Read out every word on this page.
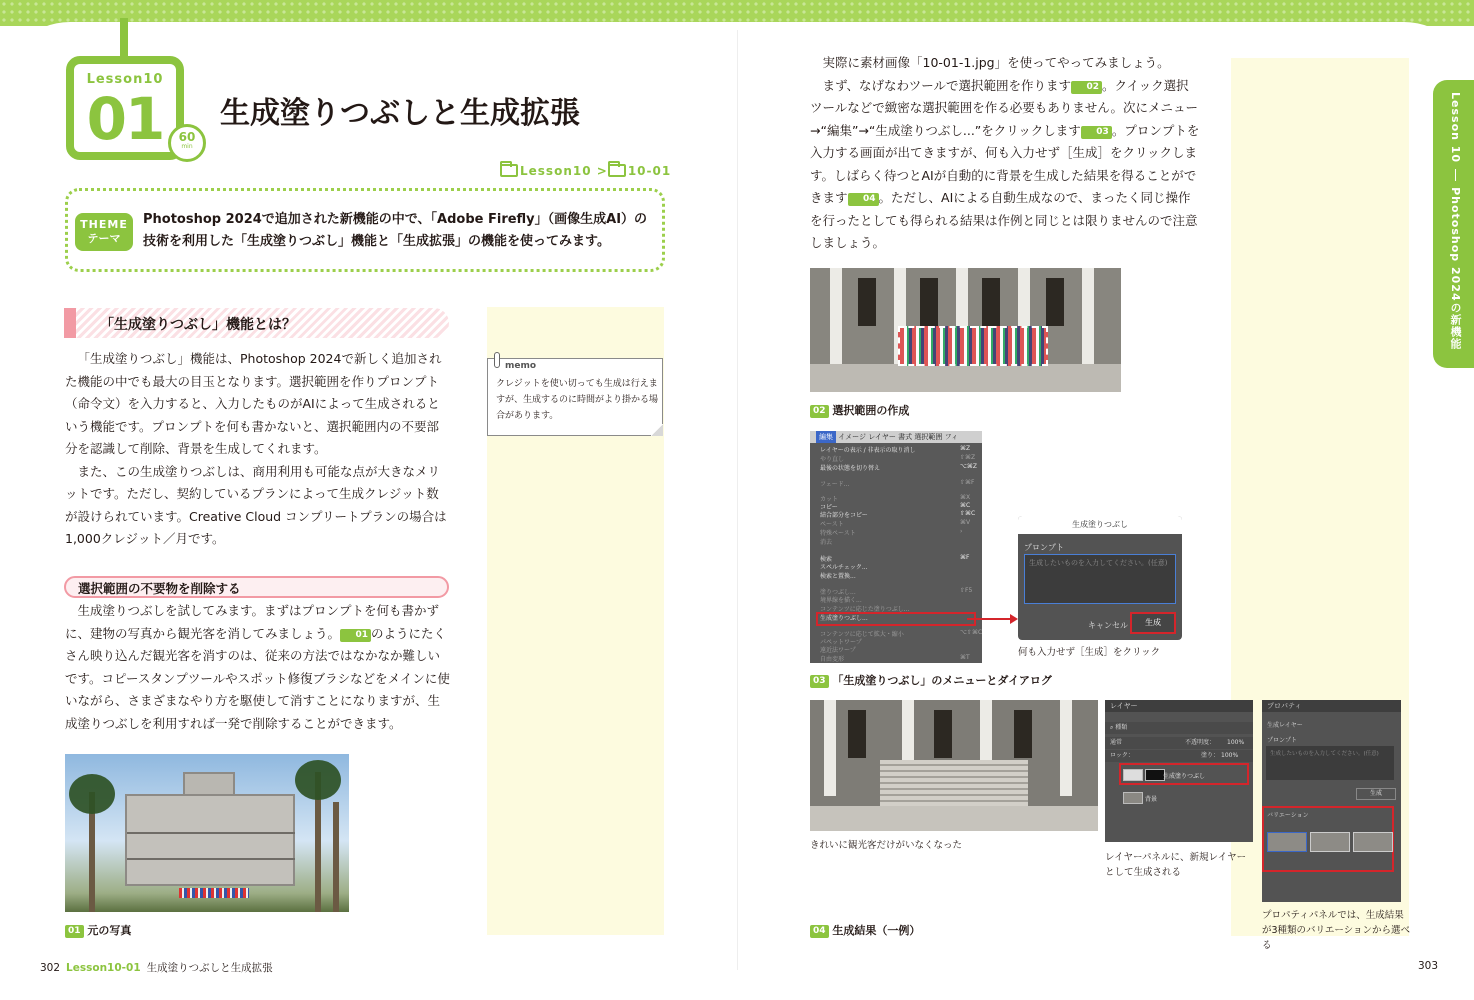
Lesson10
01	60
min
生成塗りつぶしと生成拡張
Lesson10 > 10-01
THEME
テーマ
Photoshop 2024で追加された新機能の中で、「Adobe Firefly」（画像生成AI）の技術を利用した「生成塗りつぶし」機能と「生成拡張」の機能を使ってみます。
「生成塗りつぶし」機能とは？
「生成塗りつぶし」機能は、Photoshop 2024で新しく追加された機能の中でも最大の目玉となります。選択範囲を作りプロンプト（命令文）を入力すると、入力したものがAIによって生成されるという機能です。プロンプトを何も書かないと、選択範囲内の不要部分を認識して削除、背景を生成してくれます。
また、この生成塗りつぶしは、商用利用も可能な点が大きなメリットです。ただし、契約しているプランによって生成クレジット数が設けられています。Creative Cloud コンプリートプランの場合は1,000クレジット／月です。
選択範囲の不要物を削除する
生成塗りつぶしを試してみます。まずはプロンプトを何も書かずに、建物の写真から観光客を消してみましょう。 01 のようにたくさん映り込んだ観光客を消すのは、従来の方法ではなかなか難しいです。コピースタンプツールやスポット修復ブラシなどをメインに使いながら、さまざまなやり方を駆使して消すことになりますが、生成塗りつぶしを利用すれば一発で削除することができます。
01 元の写真
memo
クレジットを使い切っても生成は行えますが、生成するのに時間がより掛かる場合があります。
実際に素材画像「10-01-1.jpg」を使ってやってみましょう。
まず、なげなわツールで選択範囲を作ります 02 。クイック選択ツールなどで緻密な選択範囲を作る必要もありません。次にメニュー→“編集”→“生成塗りつぶし...”をクリックします 03 。プロンプトを入力する画面が出てきますが、何も入力せず［生成］をクリックします。しばらく待つとAIが自動的に背景を生成した結果を得ることができます 04 。ただし、AIによる自動生成なので、まったく同じ操作を行ったとしても得られる結果は作例と同じとは限りませんので注意しましょう。
02 選択範囲の作成
編集 イメージ レイヤー 書式 選択範囲 フィ
レイヤーの表示 / 非表示の取り消し	⌘Z
やり直し	⇧⌘Z
最後の状態を切り替え	⌥⌘Z
フェード...	⇧⌘F
カット	⌘X
コピー	⌘C
結合部分をコピー	⇧⌘C
ペースト	⌘V
特殊ペースト	›
消去
検索	⌘F
スペルチェック...
検索と置換...
塗りつぶし...	⇧F5
境界線を描く...
コンテンツに応じた塗りつぶし...
生成塗りつぶし...
コンテンツに応じて拡大・縮小	⌥⇧⌘C
パペットワープ
遠近法ワープ
自由変形	⌘T
生成塗りつぶし
プロンプト
生成したいものを入力してください。(任意)
キャンセル	生成
何も入力せず［生成］をクリック
03 「生成塗りつぶし」のメニューとダイアログ
きれいに観光客だけがいなくなった
レイヤー
⌕ 種類
通常	不透明度： 100%
ロック：	塗り： 100%
生成塗りつぶし
背景
レイヤーパネルに、新規レイヤーとして生成される
プロパティ
生成レイヤー
プロンプト
生成したいものを入力してください。(任意)
生成
バリエーション
プロパティパネルでは、生成結果が3種類のバリエーションから選べる
04 生成結果（一例）
Lesson 10Photoshop 2024の新機能
302 Lesson10-01 生成塗りつぶしと生成拡張	303
